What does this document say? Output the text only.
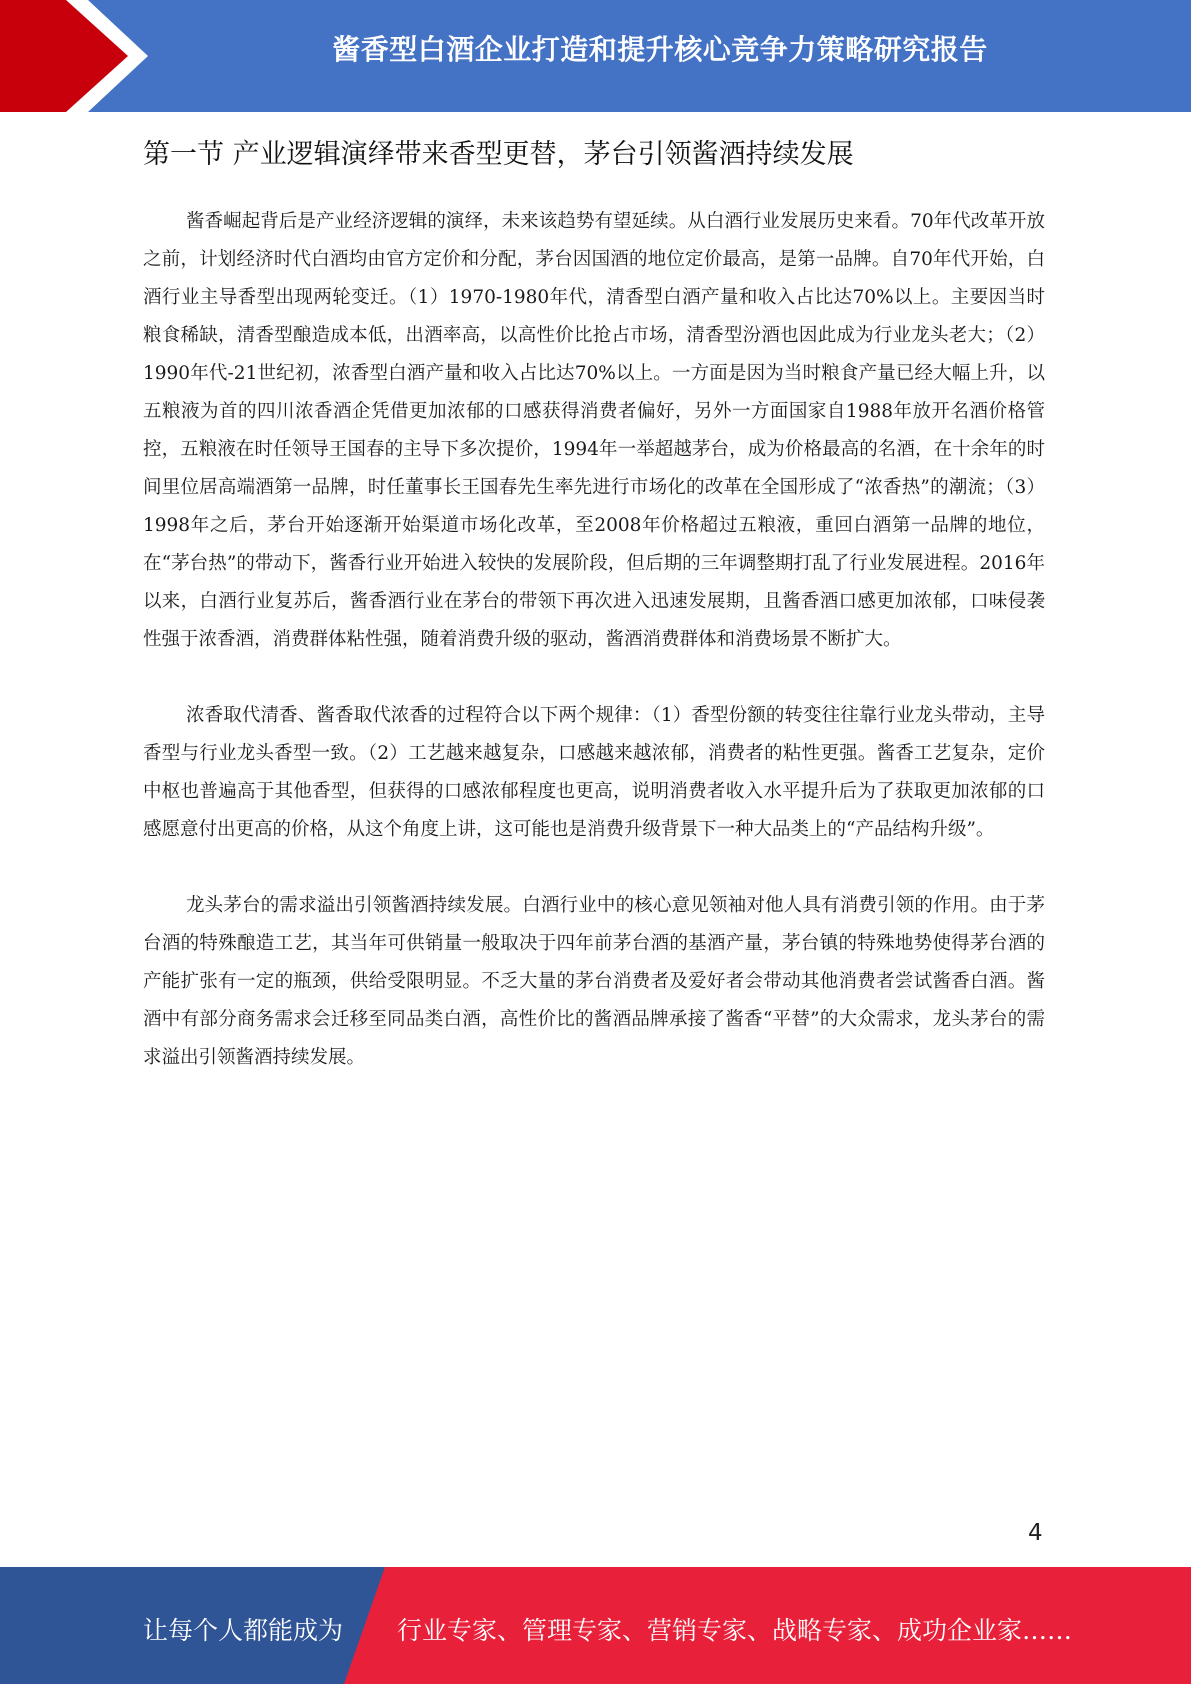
酱香型白酒企业打造和提升核心竞争力策略研究报告
第一节 产业逻辑演绎带来香型更替，茅台引领酱酒持续发展

酱香崛起背后是产业经济逻辑的演绎，未来该趋势有望延续。从白酒行业发展历史来看。70年代改革开放之前，计划经济时代白酒均由官方定价和分配，茅台因国酒的地位定价最高，是第一品牌。自70年代开始，白酒行业主导香型出现两轮变迁。（1）1970-1980年代，清香型白酒产量和收入占比达70%以上。主要因当时粮食稀缺，清香型酿造成本低，出酒率高，以高性价比抢占市场，清香型汾酒也因此成为行业龙头老大；（2）1990年代-21世纪初，浓香型白酒产量和收入占比达70%以上。一方面是因为当时粮食产量已经大幅上升，以五粮液为首的四川浓香酒企凭借更加浓郁的口感获得消费者偏好，另外一方面国家自1988年放开名酒价格管控，五粮液在时任领导王国春的主导下多次提价，1994年一举超越茅台，成为价格最高的名酒，在十余年的时间里位居高端酒第一品牌，时任董事长王国春先生率先进行市场化的改革在全国形成了“浓香热”的潮流；（3）1998年之后，茅台开始逐渐开始渠道市场化改革，至2008年价格超过五粮液，重回白酒第一品牌的地位，在“茅台热”的带动下，酱香行业开始进入较快的发展阶段，但后期的三年调整期打乱了行业发展进程。2016年以来，白酒行业复苏后，酱香酒行业在茅台的带领下再次进入迅速发展期，且酱香酒口感更加浓郁，口味侵袭性强于浓香酒，消费群体粘性强，随着消费升级的驱动，酱酒消费群体和消费场景不断扩大。

浓香取代清香、酱香取代浓香的过程符合以下两个规律：（1）香型份额的转变往往靠行业龙头带动，主导香型与行业龙头香型一致。（2）工艺越来越复杂，口感越来越浓郁，消费者的粘性更强。酱香工艺复杂，定价中枢也普遍高于其他香型，但获得的口感浓郁程度也更高，说明消费者收入水平提升后为了获取更加浓郁的口感愿意付出更高的价格，从这个角度上讲，这可能也是消费升级背景下一种大品类上的“产品结构升级”。

龙头茅台的需求溢出引领酱酒持续发展。白酒行业中的核心意见领袖对他人具有消费引领的作用。由于茅台酒的特殊酿造工艺，其当年可供销量一般取决于四年前茅台酒的基酒产量，茅台镇的特殊地势使得茅台酒的产能扩张有一定的瓶颈，供给受限明显。不乏大量的茅台消费者及爱好者会带动其他消费者尝试酱香白酒。酱酒中有部分商务需求会迁移至同品类白酒，高性价比的酱酒品牌承接了酱香“平替”的大众需求，龙头茅台的需求溢出引领酱酒持续发展。

4
让每个人都能成为 行业专家、管理专家、营销专家、战略专家、成功企业家……
